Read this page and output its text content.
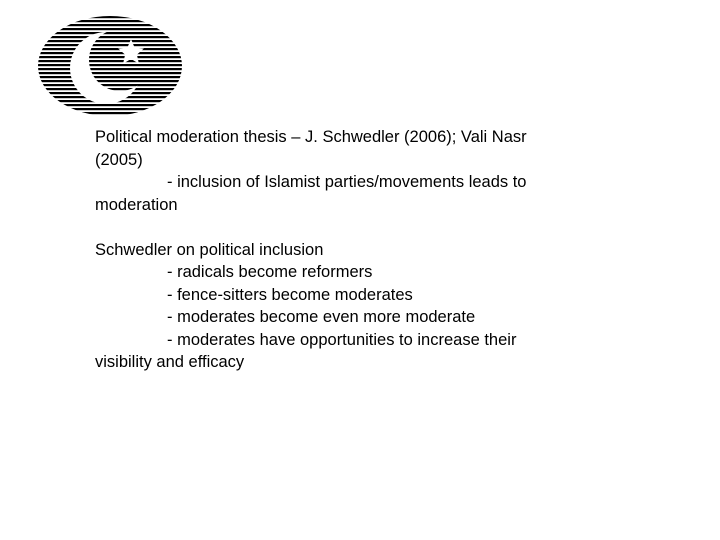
Political moderation thesis – J. Schwedler (2006); Vali Nasr
(2005)
- inclusion of Islamist parties/movements leads to
moderation
Schwedler on political inclusion
- radicals become reformers
- fence-sitters become moderates
- moderates become even more moderate
- moderates have opportunities to increase their
visibility and efficacy
